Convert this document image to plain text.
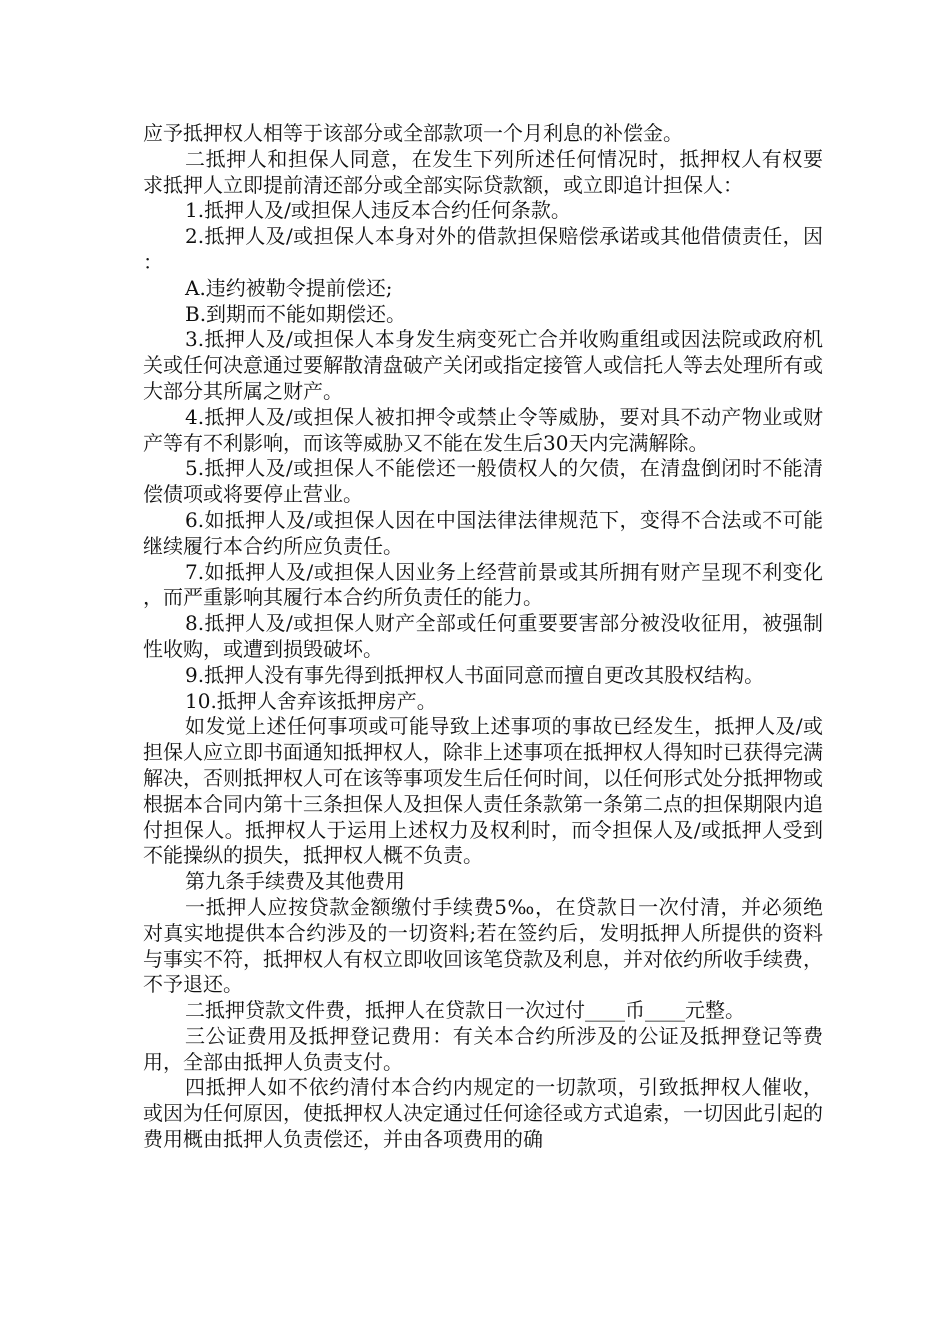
应予抵押权人相等于该部分或全部款项一个月利息的补偿金。

二抵押人和担保人同意，在发生下列所述任何情况时，抵押权人有权要求抵押人立即提前清还部分或全部实际贷款额，或立即追计担保人：

1.抵押人及/或担保人违反本合约任何条款。

2.抵押人及/或担保人本身对外的借款担保赔偿承诺或其他借债责任，因：

A.违约被勒令提前偿还;

B.到期而不能如期偿还。

3.抵押人及/或担保人本身发生病变死亡合并收购重组或因法院或政府机关或任何决意通过要解散清盘破产关闭或指定接管人或信托人等去处理所有或大部分其所属之财产。

4.抵押人及/或担保人被扣押令或禁止令等威胁，要对具不动产物业或财产等有不利影响，而该等威胁又不能在发生后30天内完满解除。

5.抵押人及/或担保人不能偿还一般债权人的欠债，在清盘倒闭时不能清偿债项或将要停止营业。

6.如抵押人及/或担保人因在中国法律法律规范下，变得不合法或不可能继续履行本合约所应负责任。

7.如抵押人及/或担保人因业务上经营前景或其所拥有财产呈现不利变化，而严重影响其履行本合约所负责任的能力。

8.抵押人及/或担保人财产全部或任何重要要害部分被没收征用，被强制性收购，或遭到损毁破坏。

9.抵押人没有事先得到抵押权人书面同意而擅自更改其股权结构。

10.抵押人舍弃该抵押房产。

如发觉上述任何事项或可能导致上述事项的事故已经发生，抵押人及/或担保人应立即书面通知抵押权人，除非上述事项在抵押权人得知时已获得完满解决，否则抵押权人可在该等事项发生后任何时间，以任何形式处分抵押物或根据本合同内第十三条担保人及担保人责任条款第一条第二点的担保期限内追付担保人。抵押权人于运用上述权力及权利时，而令担保人及/或抵押人受到不能操纵的损失，抵押权人概不负责。

第九条手续费及其他费用

一抵押人应按贷款金额缴付手续费5‰，在贷款日一次付清，并必须绝对真实地提供本合约涉及的一切资料;若在签约后，发明抵押人所提供的资料与事实不符，抵押权人有权立即收回该笔贷款及利息，并对依约所收手续费，不予退还。

二抵押贷款文件费，抵押人在贷款日一次过付____币____元整。

三公证费用及抵押登记费用：有关本合约所涉及的公证及抵押登记等费用，全部由抵押人负责支付。

四抵押人如不依约清付本合约内规定的一切款项，引致抵押权人催收，或因为任何原因，使抵押权人决定通过任何途径或方式追索，一切因此引起的费用概由抵押人负责偿还，并由各项费用的确
